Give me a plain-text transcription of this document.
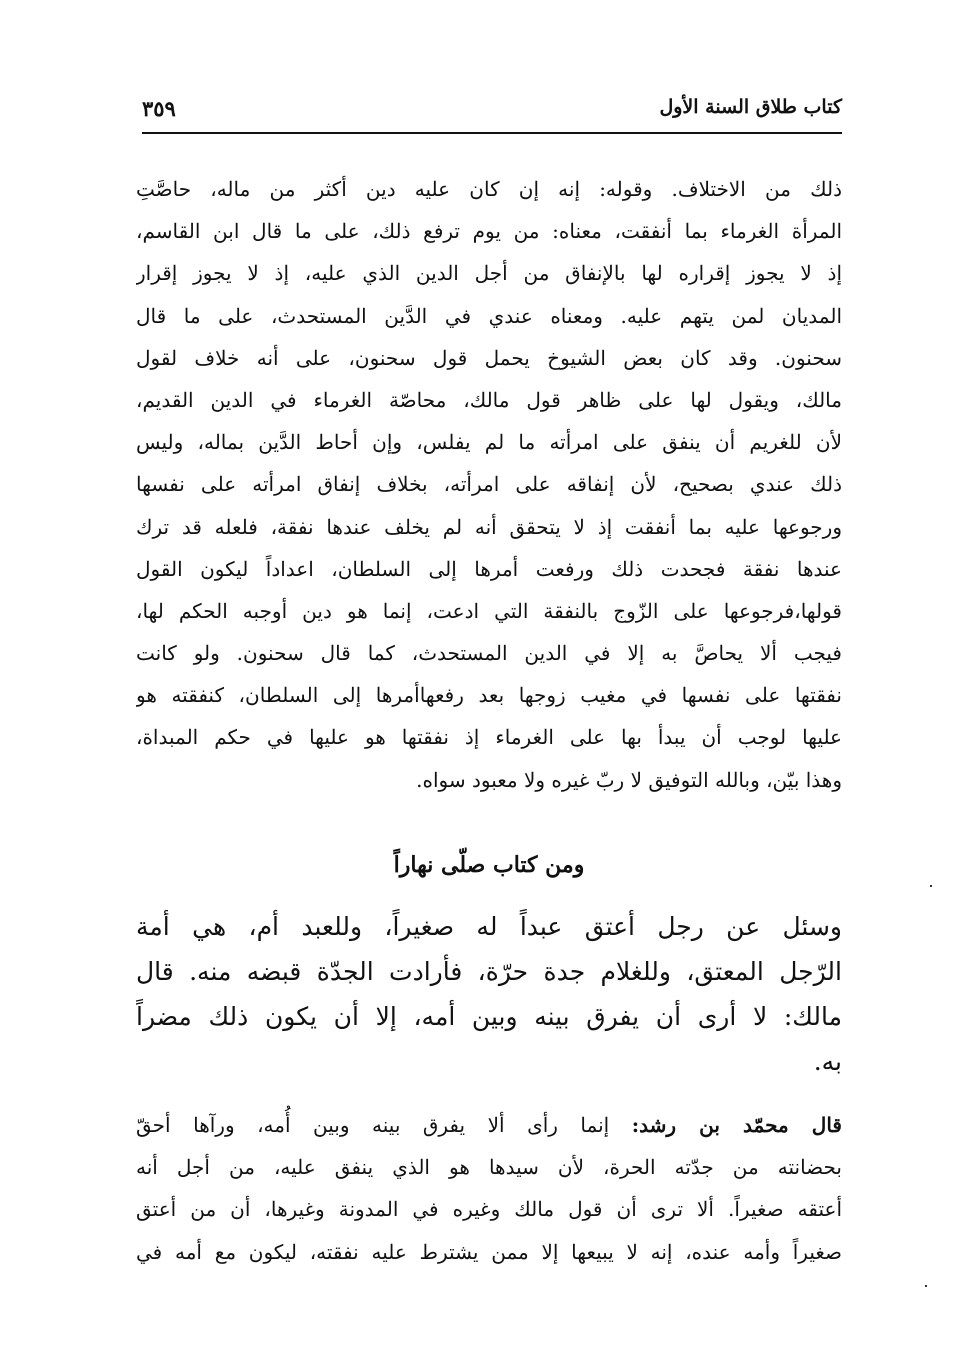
كتاب طلاق السنة الأول
٣٥٩
ذلك من الاختلاف. وقوله: إنه إن كان عليه دين أكثر من ماله، حاصَّتِ
المرأة الغرماء بما أنفقت، معناه: من يوم ترفع ذلك، على ما قال ابن القاسم،
إذ لا يجوز إقراره لها بالإنفاق من أجل الدين الذي عليه، إذ لا يجوز إقرار
المديان لمن يتهم عليه. ومعناه عندي في الدَّين المستحدث، على ما قال
سحنون. وقد كان بعض الشيوخ يحمل قول سحنون، على أنه خلاف لقول
مالك، ويقول لها على ظاهر قول مالك، محاصّة الغرماء في الدين القديم،
لأن للغريم أن ينفق على امرأته ما لم يفلس، وإن أحاط الدَّين بماله، وليس
ذلك عندي بصحيح، لأن إنفاقه على امرأته، بخلاف إنفاق امرأته على نفسها
ورجوعها عليه بما أنفقت إذ لا يتحقق أنه لم يخلف عندها نفقة، فلعله قد ترك
عندها نفقة فجحدت ذلك ورفعت أمرها إلى السلطان، اعداداً ليكون القول
قولها،فرجوعها على الزّوج بالنفقة التي ادعت، إنما هو دين أوجبه الحكم لها،
فيجب ألا يحاصَّ به إلا في الدين المستحدث، كما قال سحنون. ولو كانت
نفقتها على نفسها في مغيب زوجها بعد رفعهاأمرها إلى السلطان، كنفقته هو
عليها لوجب أن يبدأ بها على الغرماء إذ نفقتها هو عليها في حكم المبداة،
وهذا بيّن، وبالله التوفيق لا ربّ غيره ولا معبود سواه.
ومن كتاب صلّى نهاراً
وسئل عن رجل أعتق عبداً له صغيراً، وللعبد أم، هي أمة
الرّجل المعتق، وللغلام جدة حرّة، فأرادت الجدّة قبضه منه. قال
مالك: لا أرى أن يفرق بينه وبين أمه، إلا أن يكون ذلك مضراً
به.
قال محمّد بن رشد: إنما رأى ألا يفرق بينه وبين أُمه، ورآها أحقّ
بحضانته من جدّته الحرة، لأن سيدها هو الذي ينفق عليه، من أجل أنه
أعتقه صغيراً. ألا ترى أن قول مالك وغيره في المدونة وغيرها، أن من أعتق
صغيراً وأمه عنده، إنه لا يبيعها إلا ممن يشترط عليه نفقته، ليكون مع أمه في
